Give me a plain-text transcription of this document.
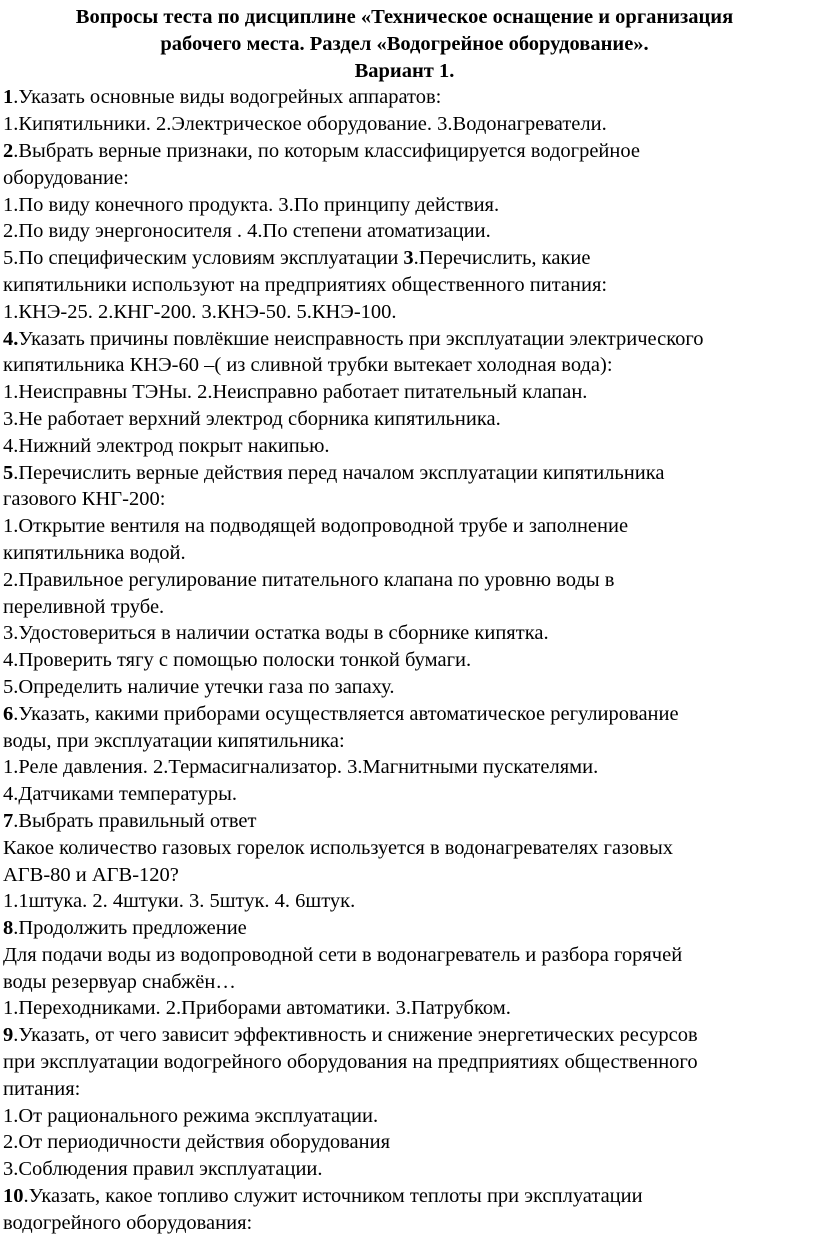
Вопросы теста по дисциплине «Техническое оснащение и организация
рабочего места. Раздел «Водогрейное оборудование».
Вариант 1.
1.Указать основные виды водогрейных аппаратов:
1.Кипятильники. 2.Электрическое оборудование. 3.Водонагреватели.
2.Выбрать верные признаки, по которым классифицируется водогрейное
оборудование:
1.По виду конечного продукта. 3.По принципу действия.
2.По виду энергоносителя . 4.По степени атоматизации.
5.По специфическим условиям эксплуатации 3.Перечислить, какие
кипятильники используют на предприятиях общественного питания:
1.КНЭ-25. 2.КНГ-200. 3.КНЭ-50. 5.КНЭ-100.
4.Указать причины повлёкшие неисправность при эксплуатации электрического
кипятильника КНЭ-60 –( из сливной трубки вытекает холодная вода):
1.Неисправны ТЭНы. 2.Неисправно работает питательный клапан.
3.Не работает верхний электрод сборника кипятильника.
4.Нижний электрод покрыт накипью.
5.Перечислить верные действия перед началом эксплуатации кипятильника
газового КНГ-200:
1.Открытие вентиля на подводящей водопроводной трубе и заполнение
кипятильника водой.
2.Правильное регулирование питательного клапана по уровню воды в
переливной трубе.
3.Удостовериться в наличии остатка воды в сборнике кипятка.
4.Проверить тягу с помощью полоски тонкой бумаги.
5.Определить наличие утечки газа по запаху.
6.Указать, какими приборами осуществляется автоматическое регулирование
воды, при эксплуатации кипятильника:
1.Реле давления. 2.Термасигнализатор. 3.Магнитными пускателями.
4.Датчиками температуры.
7.Выбрать правильный ответ
Какое количество газовых горелок используется в водонагревателях газовых
АГВ-80 и АГВ-120?
1.1штука. 2. 4штуки. 3. 5штук. 4. 6штук.
8.Продолжить предложение
Для подачи воды из водопроводной сети в водонагреватель и разбора горячей
воды резервуар снабжён…
1.Переходниками. 2.Приборами автоматики. 3.Патрубком.
9.Указать, от чего зависит эффективность и снижение энергетических ресурсов
при эксплуатации водогрейного оборудования на предприятиях общественного
питания:
1.От рационального режима эксплуатации.
2.От периодичности действия оборудования
3.Соблюдения правил эксплуатации.
10.Указать, какое топливо служит источником теплоты при эксплуатации
водогрейного оборудования:
